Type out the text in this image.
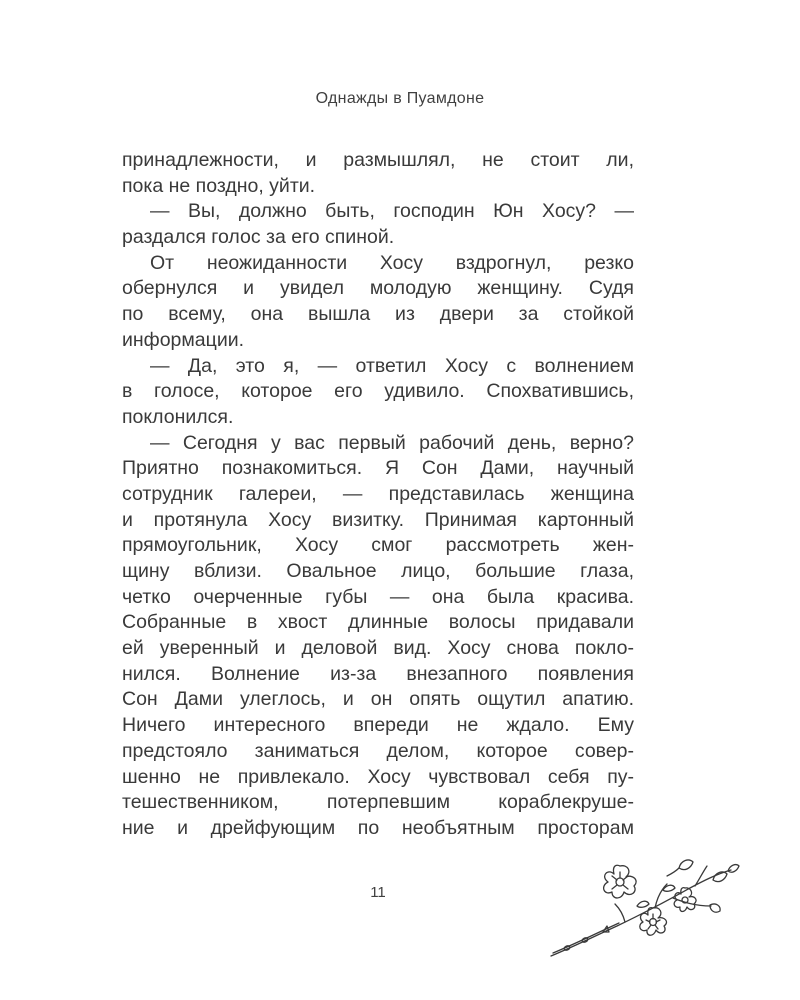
Однажды в Пуамдоне
принадлежности, и размышлял, не стоит ли,
пока не поздно, уйти.
— Вы, должно быть, господин Юн Хосу? —
раздался голос за его спиной.
От неожиданности Хосу вздрогнул, резко
обернулся и увидел молодую женщину. Судя
по всему, она вышла из двери за стойкой
информации.
— Да, это я, — ответил Хосу с волнением
в голосе, которое его удивило. Спохватившись,
поклонился.
— Сегодня у вас первый рабочий день, верно?
Приятно познакомиться. Я Сон Дами, научный
сотрудник галереи, — представилась женщина
и протянула Хосу визитку. Принимая картонный
прямоугольник, Хосу смог рассмотреть жен-
щину вблизи. Овальное лицо, большие глаза,
четко очерченные губы — она была красива.
Собранные в хвост длинные волосы придавали
ей уверенный и деловой вид. Хосу снова покло-
нился. Волнение из-за внезапного появления
Сон Дами улеглось, и он опять ощутил апатию.
Ничего интересного впереди не ждало. Ему
предстояло заниматься делом, которое совер-
шенно не привлекало. Хосу чувствовал себя пу-
тешественником, потерпевшим кораблекруше-
ние и дрейфующим по необъятным просторам
11
